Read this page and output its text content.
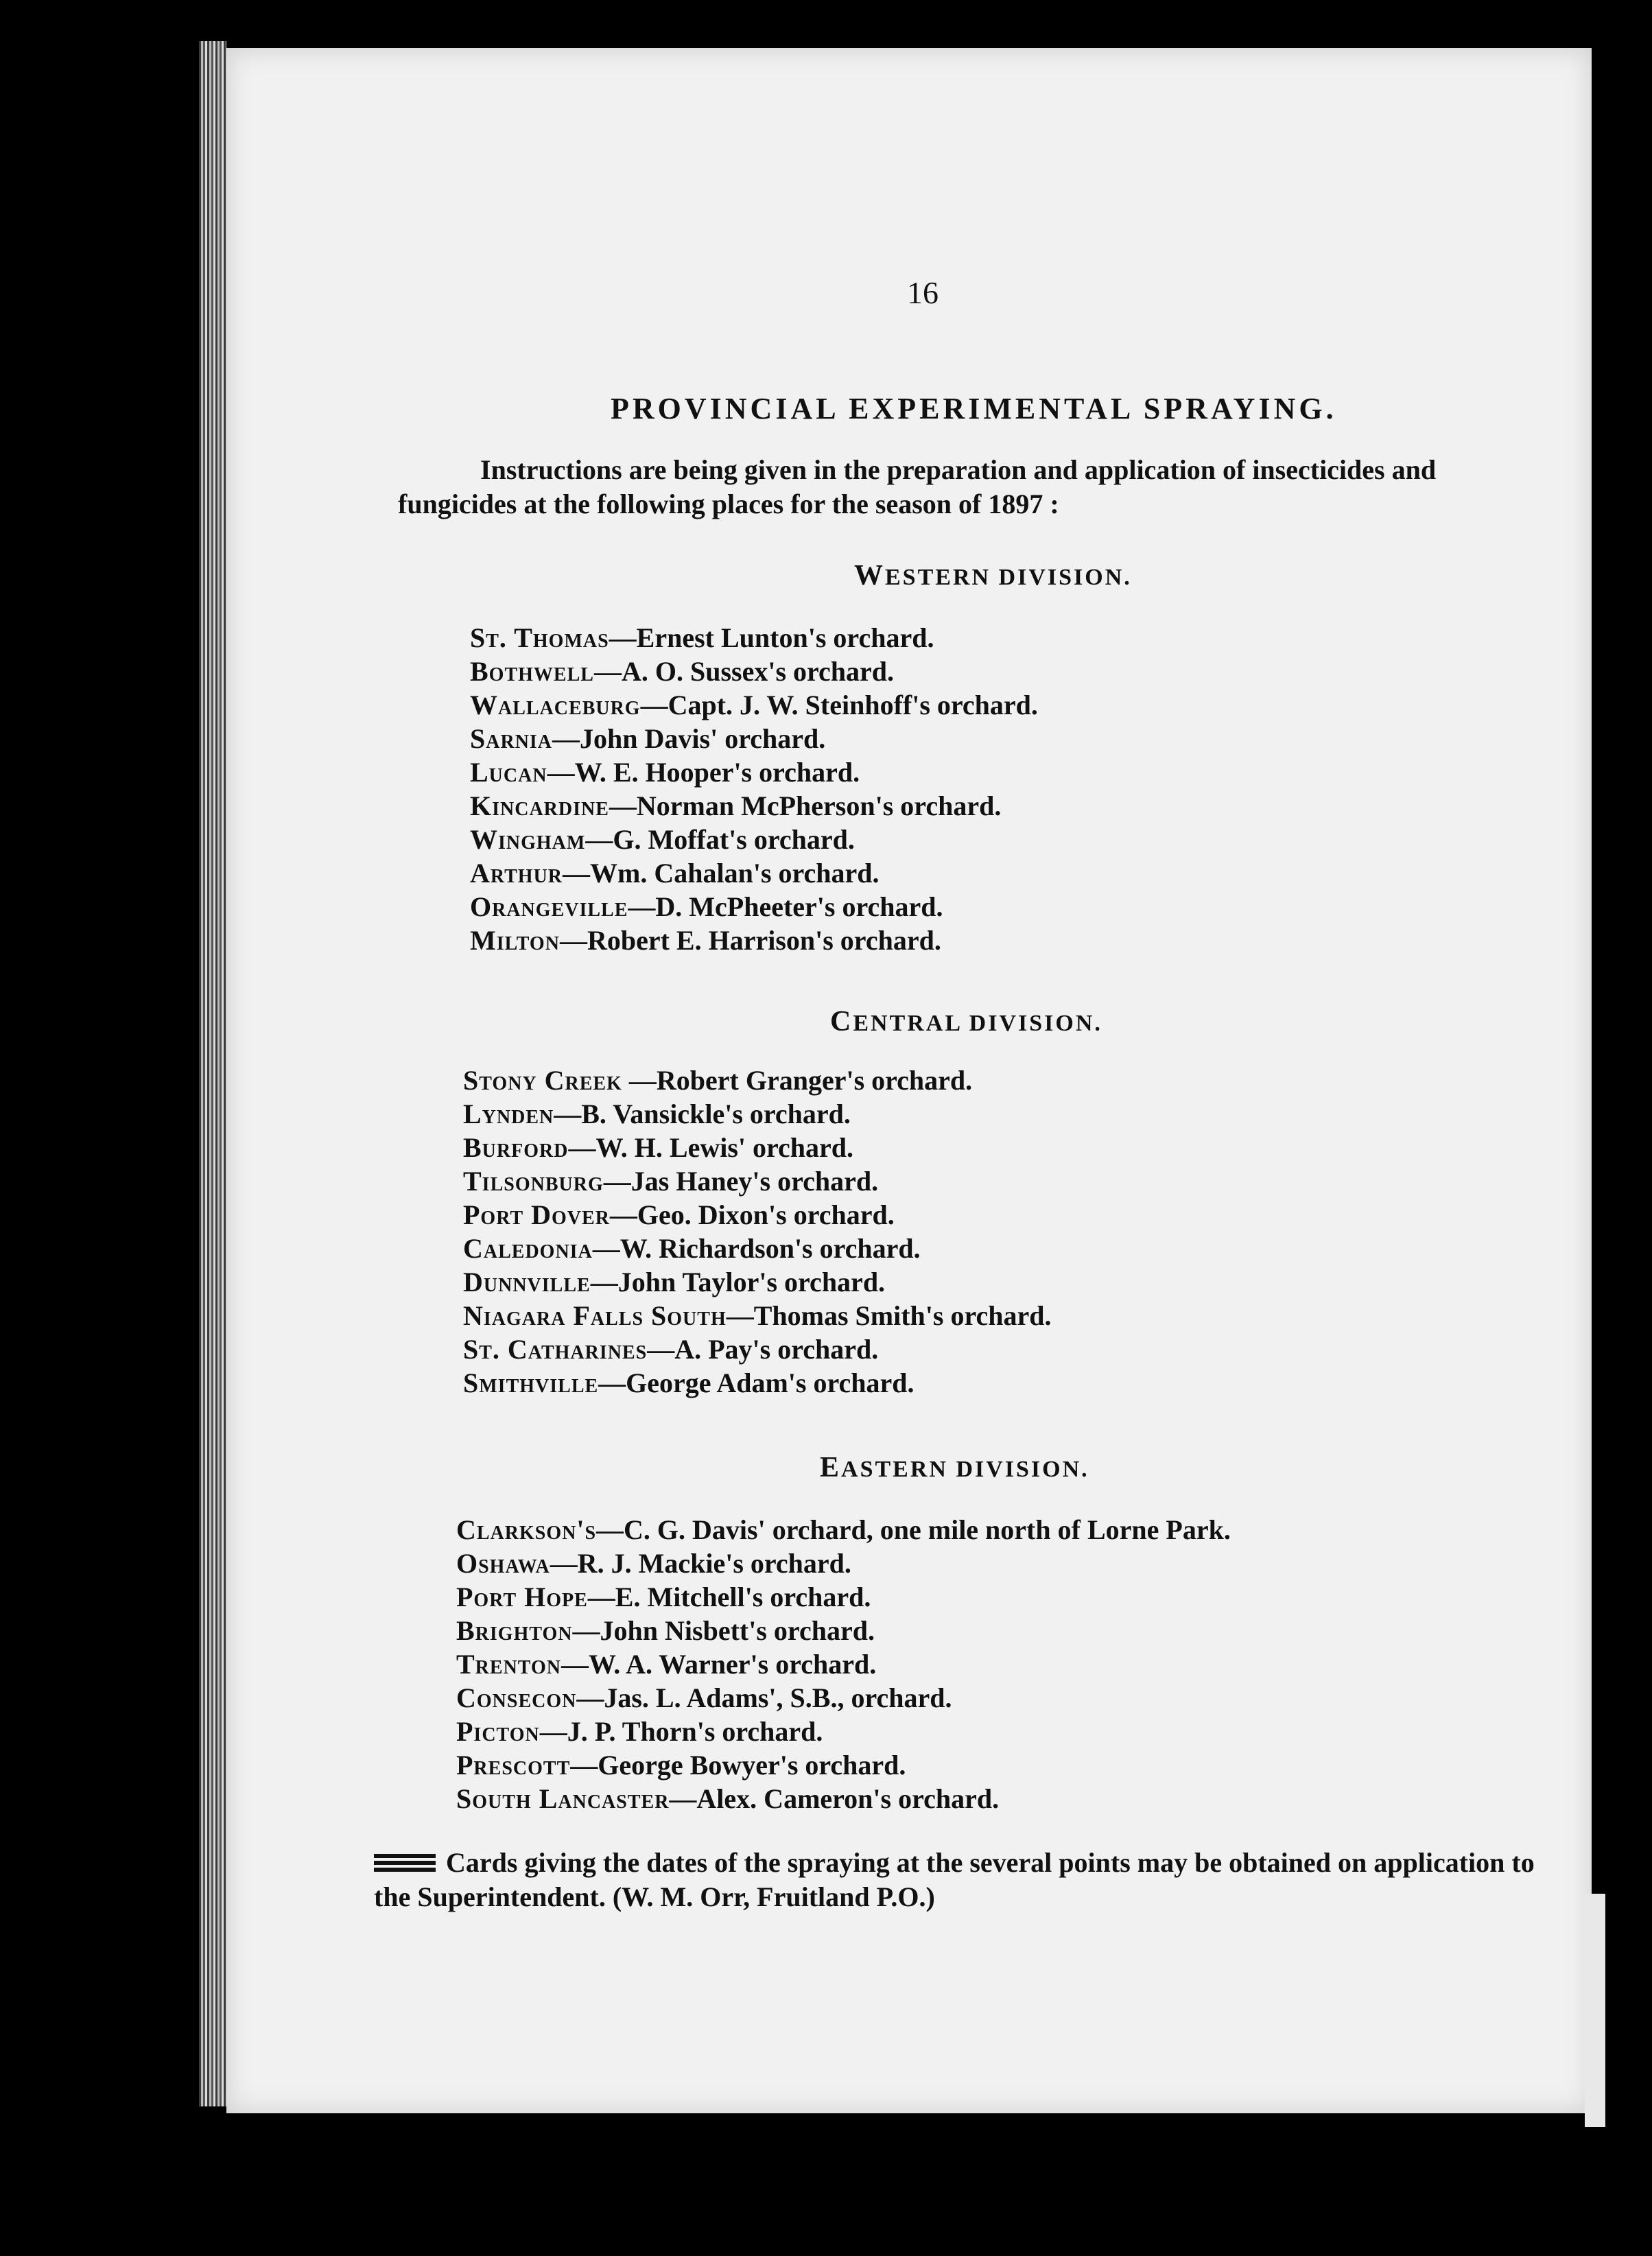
16
PROVINCIAL EXPERIMENTAL SPRAYING.
Instructions are being given in the preparation and application of insecticides and fungicides at the following places for the season of 1897 :
WESTERN DIVISION.
St. Thomas—Ernest Lunton's orchard.
Bothwell—A. O. Sussex's orchard.
Wallaceburg—Capt. J. W. Steinhoff's orchard.
Sarnia—John Davis' orchard.
Lucan—W. E. Hooper's orchard.
Kincardine—Norman McPherson's orchard.
Wingham—G. Moffat's orchard.
Arthur—Wm. Cahalan's orchard.
Orangeville—D. McPheeter's orchard.
Milton—Robert E. Harrison's orchard.
CENTRAL DIVISION.
Stony Creek —Robert Granger's orchard.
Lynden—B. Vansickle's orchard.
Burford—W. H. Lewis' orchard.
Tilsonburg—Jas Haney's orchard.
Port Dover—Geo. Dixon's orchard.
Caledonia—W. Richardson's orchard.
Dunnville—John Taylor's orchard.
Niagara Falls South—Thomas Smith's orchard.
St. Catharines—A. Pay's orchard.
Smithville—George Adam's orchard.
EASTERN DIVISION.
Clarkson's—C. G. Davis' orchard, one mile north of Lorne Park.
Oshawa—R. J. Mackie's orchard.
Port Hope—E. Mitchell's orchard.
Brighton—John Nisbett's orchard.
Trenton—W. A. Warner's orchard.
Consecon—Jas. L. Adams', S.B., orchard.
Picton—J. P. Thorn's orchard.
Prescott—George Bowyer's orchard.
South Lancaster—Alex. Cameron's orchard.
Cards giving the dates of the spraying at the several points may be obtained on application to the Superintendent. (W. M. Orr, Fruitland P.O.)
